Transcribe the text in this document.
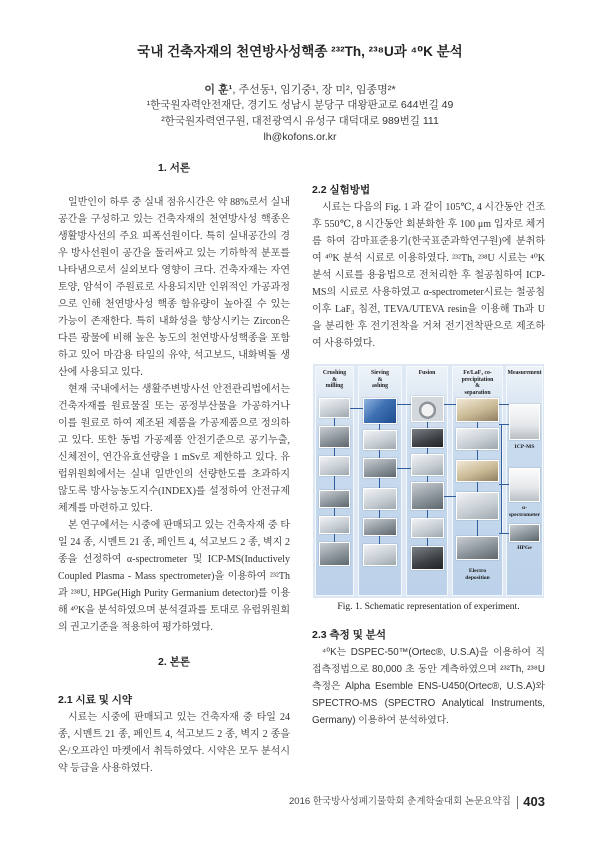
국내 건축자재의 천연방사성핵종 ²³²Th, ²³⁸U과 ⁴⁰K 분석
이 훈¹, 주선동¹, 임기중¹, 장 미², 임종명²*
¹한국원자력안전재단, 경기도 성남시 분당구 대왕판교로 644번길 49
²한국원자력연구원, 대전광역시 유성구 대덕대로 989번길 111
lh@kofons.or.kr
1. 서론

일반인이 하루 중 실내 점유시간은 약 88%로서 실내공간을 구성하고 있는 건축자재의 천연방사성 핵종은 생활방사선의 주요 피폭선원이다. 특히 실내공간의 경우 방사선원이 공간을 둘러싸고 있는 기하학적 분포를 나타냄으로서 실외보다 영향이 크다. 건축자재는 자연 토양, 암석이 주원료로 사용되지만 인위적인 가공과정으로 인해 천연방사성 핵종 함유량이 높아질 수 있는 가능이 존재한다. 특히 내화성을 향상시키는 Zircon은 다른 광물에 비해 높은 농도의 천연방사성핵종을 포함하고 있어 마감용 타일의 유약, 석고보드, 내화벽돌 생산에 사용되고 있다.

현재 국내에서는 생활주변방사선 안전관리법에서는 건축자재를 원료물질 또는 공정부산물을 가공하거나 이를 원료로 하여 제조된 제품을 가공제품으로 정의하고 있다. 또한 동법 가공제품 안전기준으로 공기누출, 신체전이, 연간유효선량을 1 mSv로 제한하고 있다. 유럽위원회에서는 실내 일반인의 선량한도를 초과하지 않도록 방사능농도지수(INDEX)를 설정하여 안전규제 체계를 마련하고 있다.

본 연구에서는 시중에 판매되고 있는 건축자재 중 타일 24 종, 시멘트 21 종, 페인트 4, 석고보드 2 종, 벽지 2 종을 선정하여 α-spectrometer 및 ICP-MS(Inductively Coupled Plasma - Mass spectrometer)을 이용하여 ²³²Th과 ²³⁸U, HPGe(High Purity Germanium detector)를 이용해 ⁴⁰K을 분석하였으며 분석결과를 토대로 유럽위원회의 권고기준을 적용하여 평가하였다.

2. 본론
2.1 시료 및 시약

시료는 시중에 판매되고 있는 건축자재 중 타일 24 종, 시멘트 21 종, 페인트 4, 석고보드 2 종, 벽지 2 종을 온/오프라인 마켓에서 취득하였다. 시약은 모두 분석시약 등급을 사용하였다.

2.2 실험방법

시료는 다음의 Fig. 1 과 같이 105℃, 4 시간동안 건조 후 550℃, 8 시간동안 회분화한 후 100 μm 입자로 체거름 하여 감마표준용기(한국표준과학연구원)에 분취하여 ⁴⁰K 분석 시료로 이용하였다. ²³²Th, ²³⁸U 시료는 ⁴⁰K 분석 시료를 용융법으로 전처리한 후 철공침하여 ICP-MS의 시료로 사용하였고 α-spectrometer시료는 철공침 이후 LaF₃ 침전, TEVA/UTEVA resin을 이용해 Th과 U을 분리한 후 전기전착을 거쳐 전기전착판으로 제조하여 사용하였다.

Crushing
&
milling
Sieving
&
ashing
Fusion	Fe/LaF₃ co-
precipitation
&
separation
Measurement
Electro
deposition
ICP-MS
α-
spectrometer
HPGe

Fig. 1. Schematic representation of experiment.

2.3 측정 및 분석

⁴⁰K는 DSPEC-50™(Ortec®, U.S.A)을 이용하여 직접측정법으로 80,000 초 동안 계측하였으며 ²³²Th, ²³⁸U 측정은 Alpha Esemble ENS-U450(Ortec®, U.S.A)와 SPECTRO-MS (SPECTRO Analytical Instruments, Germany) 이용하여 분석하였다.

2016 한국방사성폐기물학회 춘계학술대회 논문요약집 403
